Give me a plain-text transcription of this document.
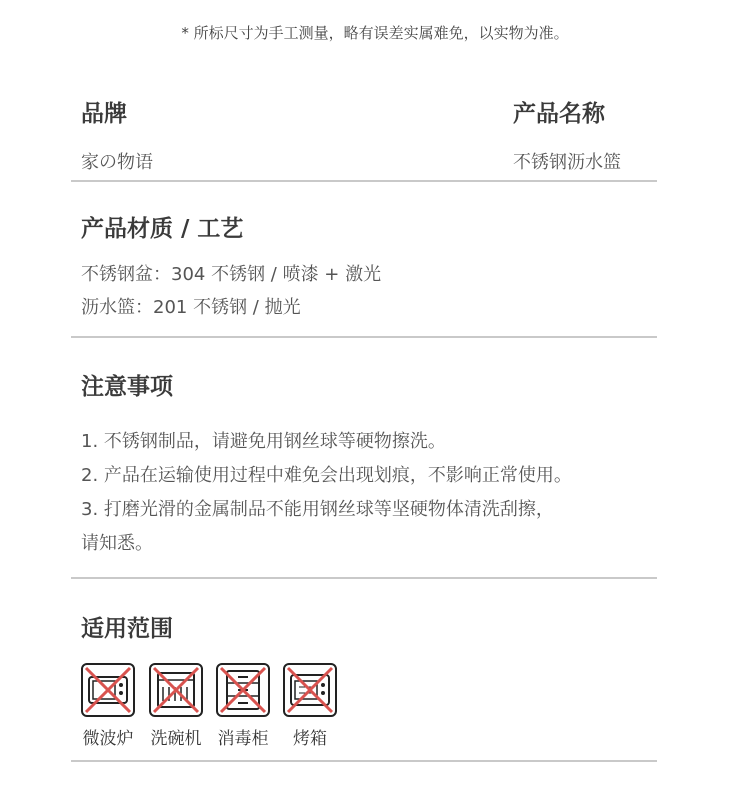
* 所标尺寸为手工测量，略有误差实属难免，以实物为准。
品牌
家の物语
产品名称
不锈钢沥水篮
产品材质 / 工艺
不锈钢盆：304 不锈钢 / 喷漆 + 激光
沥水篮：201 不锈钢 / 抛光
注意事项
1. 不锈钢制品，请避免用钢丝球等硬物擦洗。
2. 产品在运输使用过程中难免会出现划痕，不影响正常使用。
3. 打磨光滑的金属制品不能用钢丝球等坚硬物体清洗刮擦，
请知悉。
适用范围
微波炉	洗碗机 消毒柜	烤箱
